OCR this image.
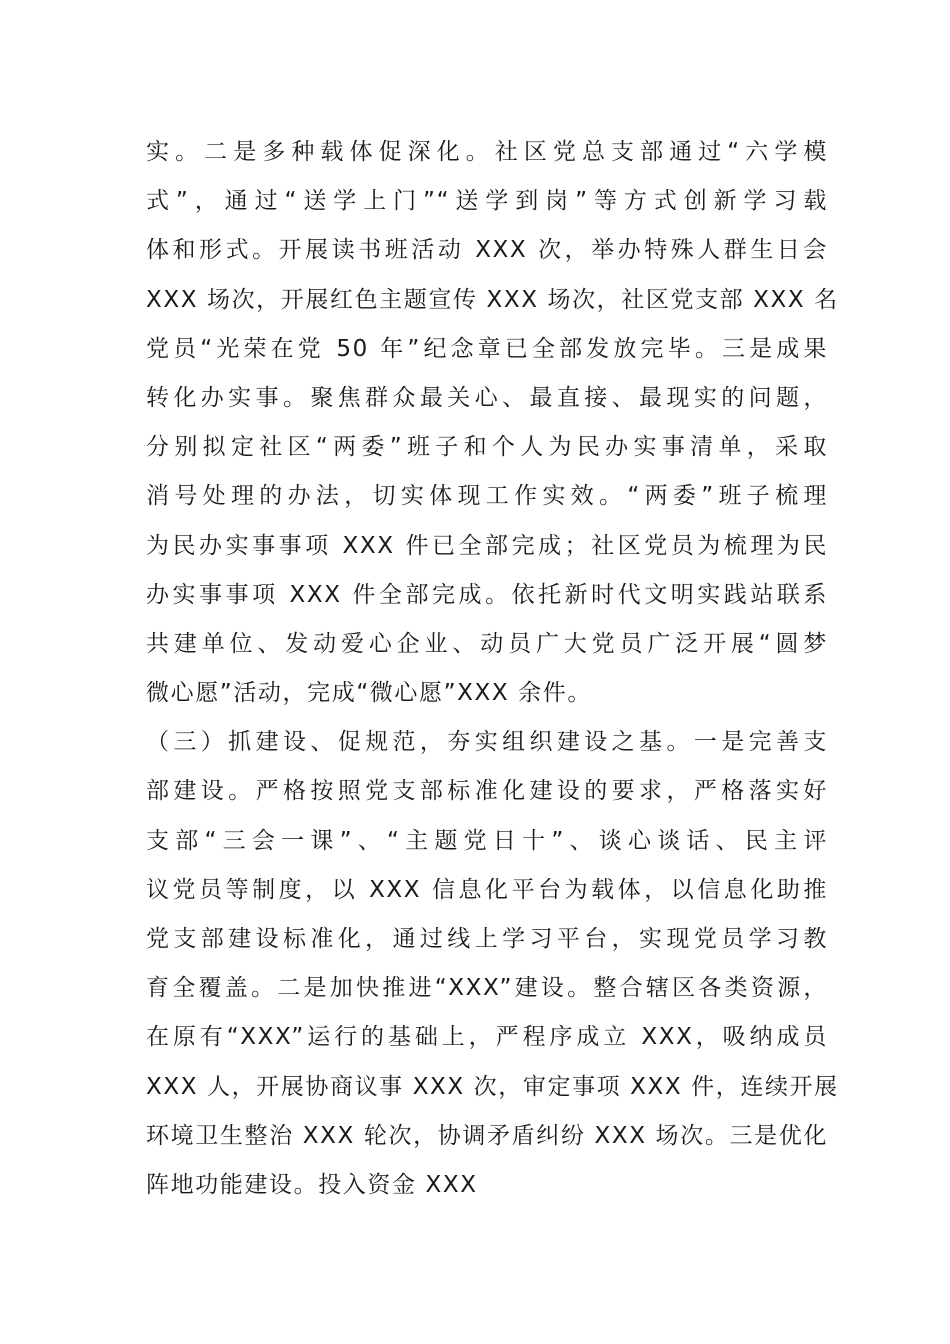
实。二是多种载体促深化。社区党总支部通过“六学模
式”，通过“送学上门”“送学到岗”等方式创新学习载
体和形式。开展读书班活动 XXX 次，举办特殊人群生日会
XXX 场次，开展红色主题宣传 XXX 场次，社区党支部 XXX 名
党员“光荣在党 50 年”纪念章已全部发放完毕。三是成果
转化办实事。聚焦群众最关心、最直接、最现实的问题，
分别拟定社区“两委”班子和个人为民办实事清单，采取
消号处理的办法，切实体现工作实效。“两委”班子梳理
为民办实事事项 XXX 件已全部完成；社区党员为梳理为民
办实事事项 XXX 件全部完成。依托新时代文明实践站联系
共建单位、发动爱心企业、动员广大党员广泛开展“圆梦
微心愿”活动，完成“微心愿”XXX 余件。
（三）抓建设、促规范，夯实组织建设之基。一是完善支
部建设。严格按照党支部标准化建设的要求，严格落实好
支部“三会一课”、“主题党日十”、谈心谈话、民主评
议党员等制度，以 XXX 信息化平台为载体，以信息化助推
党支部建设标准化，通过线上学习平台，实现党员学习教
育全覆盖。二是加快推进“XXX”建设。整合辖区各类资源，
在原有“XXX”运行的基础上，严程序成立 XXX，吸纳成员
XXX 人，开展协商议事 XXX 次，审定事项 XXX 件，连续开展
环境卫生整治 XXX 轮次，协调矛盾纠纷 XXX 场次。三是优化
阵地功能建设。投入资金 XXX
